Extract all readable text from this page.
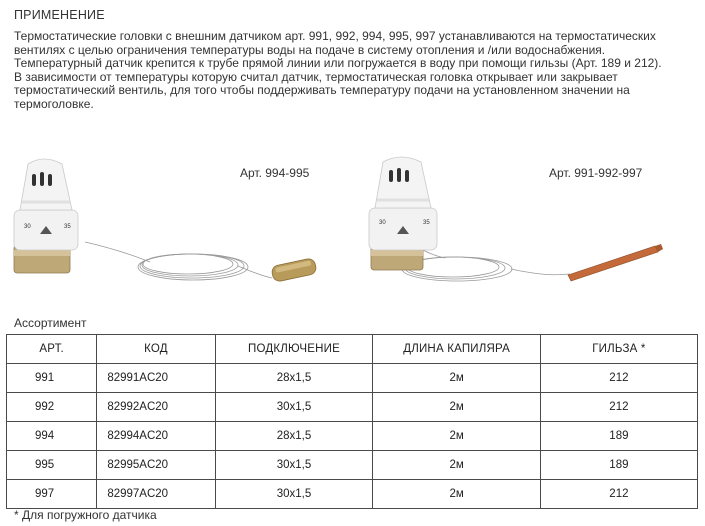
ПРИМЕНЕНИЕ
Термостатические головки с внешним датчиком арт. 991, 992, 994, 995, 997 устанавливаются на термостатических
вентилях с целью ограничения температуры воды на подаче в систему отопления и /или водоснабжения.
Температурный датчик крепится к трубе прямой линии или погружается в воду при помощи гильзы (Арт. 189 и 212).
В зависимости от температуры которую считал датчик, термостатическая головка открывает или закрывает
термостатический вентиль, для того чтобы поддерживать температуру подачи на установленном значении на
термоголовке.
30	35
Арт. 994-995
30	35
Арт. 991-992-997
Ассортимент
АРТ.	КОД	ПОДКЛЮЧЕНИЕ	ДЛИНА КАПИЛЯРА	ГИЛЬЗА *
991	82991AC20	28x1,5	2м	212
992	82992AC20	30x1,5	2м	212
994	82994AC20	28x1,5	2м	189
995	82995AC20	30x1,5	2м	189
997	82997AC20	30x1,5	2м	212
* Для погружного датчика
